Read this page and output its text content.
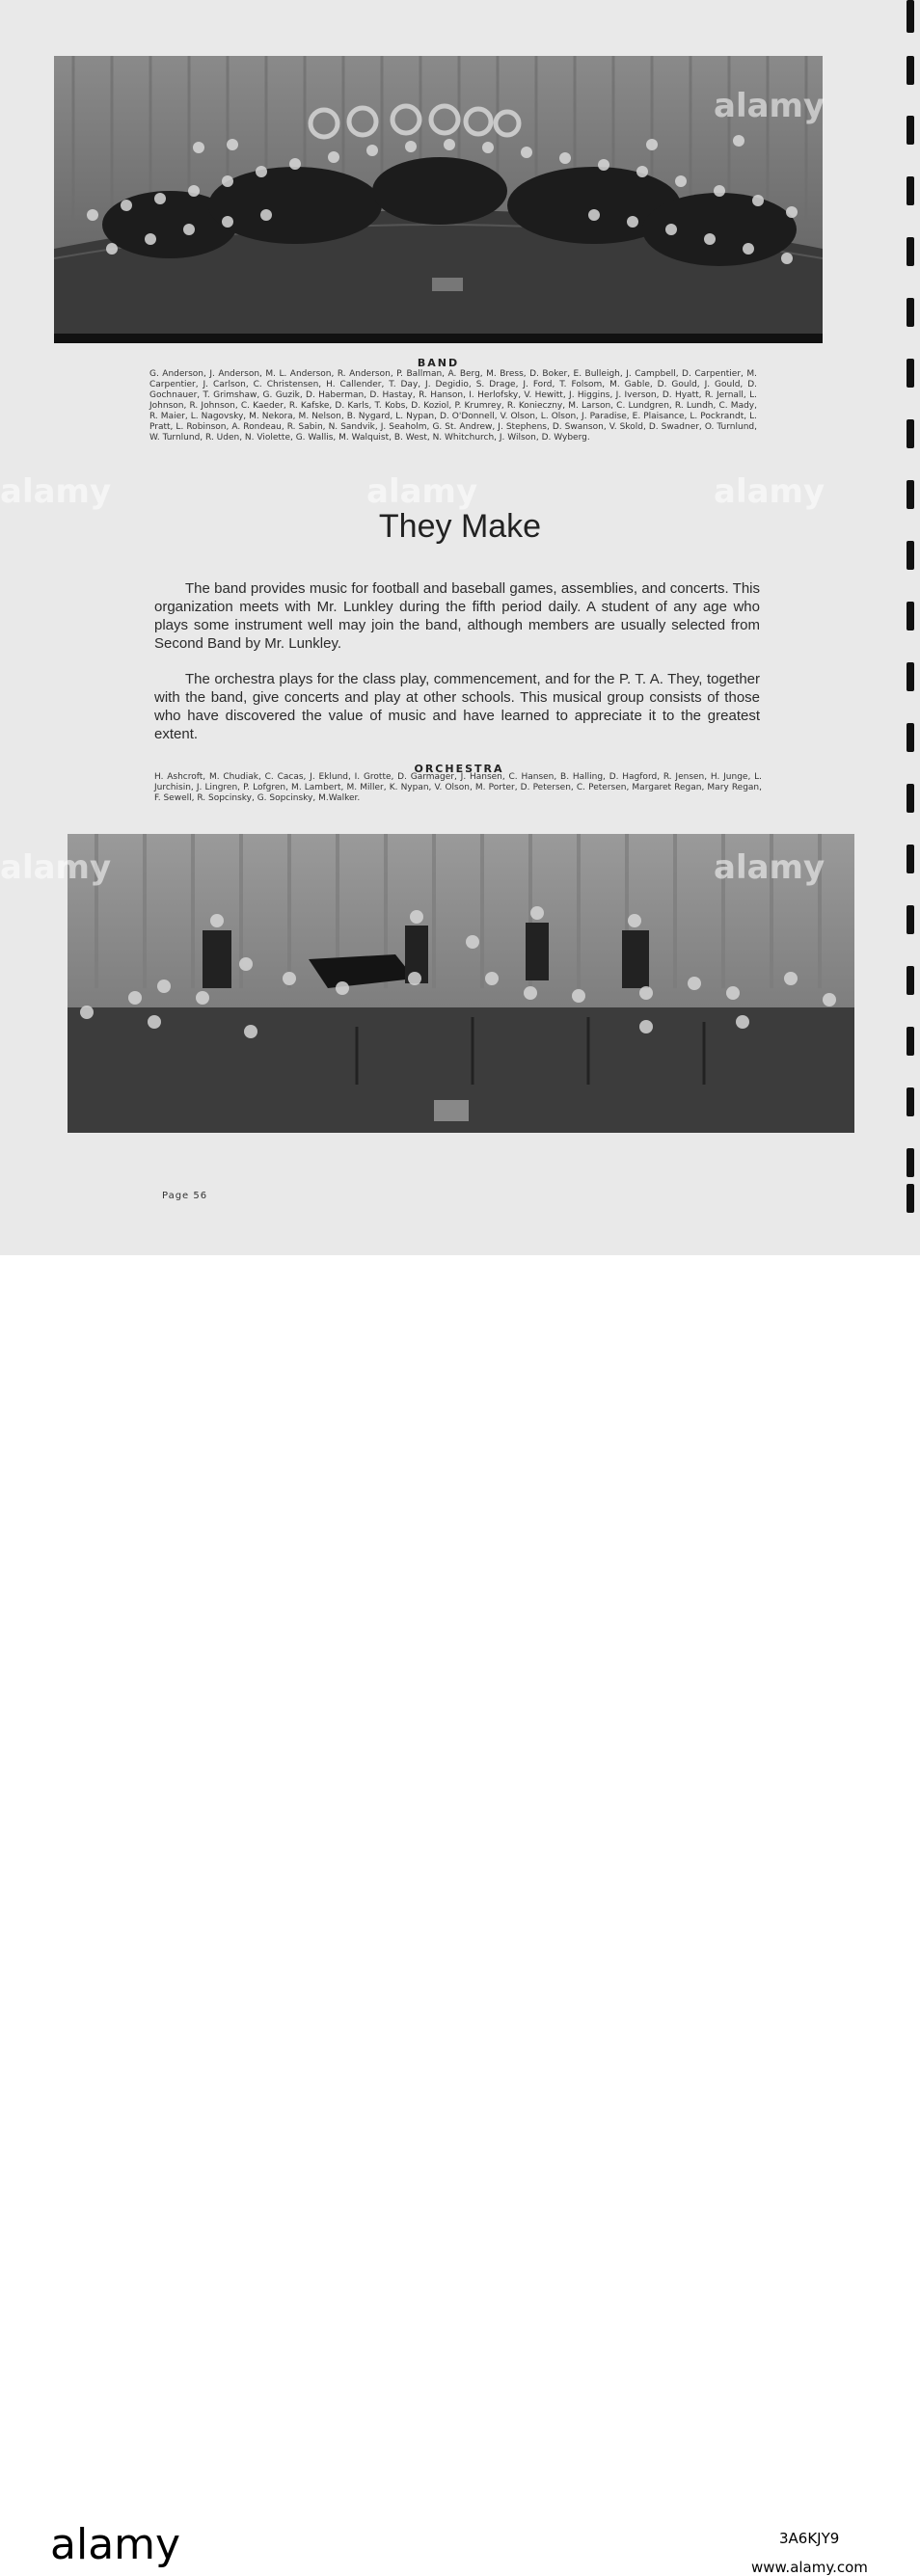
BAND
G. Anderson, J. Anderson, M. L. Anderson, R. Anderson, P. Ballman, A. Berg, M. Bress, D. Boker, E. Bulleigh, J. Campbell, D. Carpentier, M. Carpentier, J. Carlson, C. Christensen, H. Callender, T. Day, J. Degidio, S. Drage, J. Ford, T. Folsom, M. Gable, D. Gould, J. Gould, D. Gochnauer, T. Grimshaw, G. Guzik, D. Haberman, D. Hastay, R. Hanson, I. Herlofsky, V. Hewitt, J. Higgins, J. Iverson, D. Hyatt, R. Jernall, L. Johnson, R. Johnson, C. Kaeder, R. Kafske, D. Karls, T. Kobs, D. Koziol, P. Krumrey, R. Konieczny, M. Larson, C. Lundgren, R. Lundh, C. Mady, R. Maier, L. Nagovsky, M. Nekora, M. Nelson, B. Nygard, L. Nypan, D. O'Donnell, V. Olson, L. Olson, J. Paradise, E. Plaisance, L. Pockrandt, L. Pratt, L. Robinson, A. Rondeau, R. Sabin, N. Sandvik, J. Seaholm, G. St. Andrew, J. Stephens, D. Swanson, V. Skold, D. Swadner, O. Turnlund, W. Turnlund, R. Uden, N. Violette, G. Wallis, M. Walquist, B. West, N. Whitchurch, J. Wilson, D. Wyberg.
They Make

The band provides music for football and baseball games, assemblies, and concerts. This organization meets with Mr. Lunkley during the fifth period daily. A student of any age who plays some instrument well may join the band, although members are usually selected from Second Band by Mr. Lunkley.

The orchestra plays for the class play, commencement, and for the P. T. A. They, together with the band, give concerts and play at other schools. This musical group consists of those who have discovered the value of music and have learned to appreciate it to the greatest extent.

ORCHESTRA
H. Ashcroft, M. Chudiak, C. Cacas, J. Eklund, I. Grotte, D. Garmager, J. Hansen, C. Hansen, B. Halling, D. Hagford, R. Jensen, H. Junge, L. Jurchisin, J. Lingren, P. Lofgren, M. Lambert, M. Miller, K. Nypan, V. Olson, M. Porter, D. Petersen, C. Petersen, Margaret Regan, Mary Regan, F. Sewell, R. Sopcinsky, G. Sopcinsky, M.Walker.
Page 56
alamy
alamy	alamy	alamy
alamy	alamy
alamy	3A6KJY9
www.alamy.com
